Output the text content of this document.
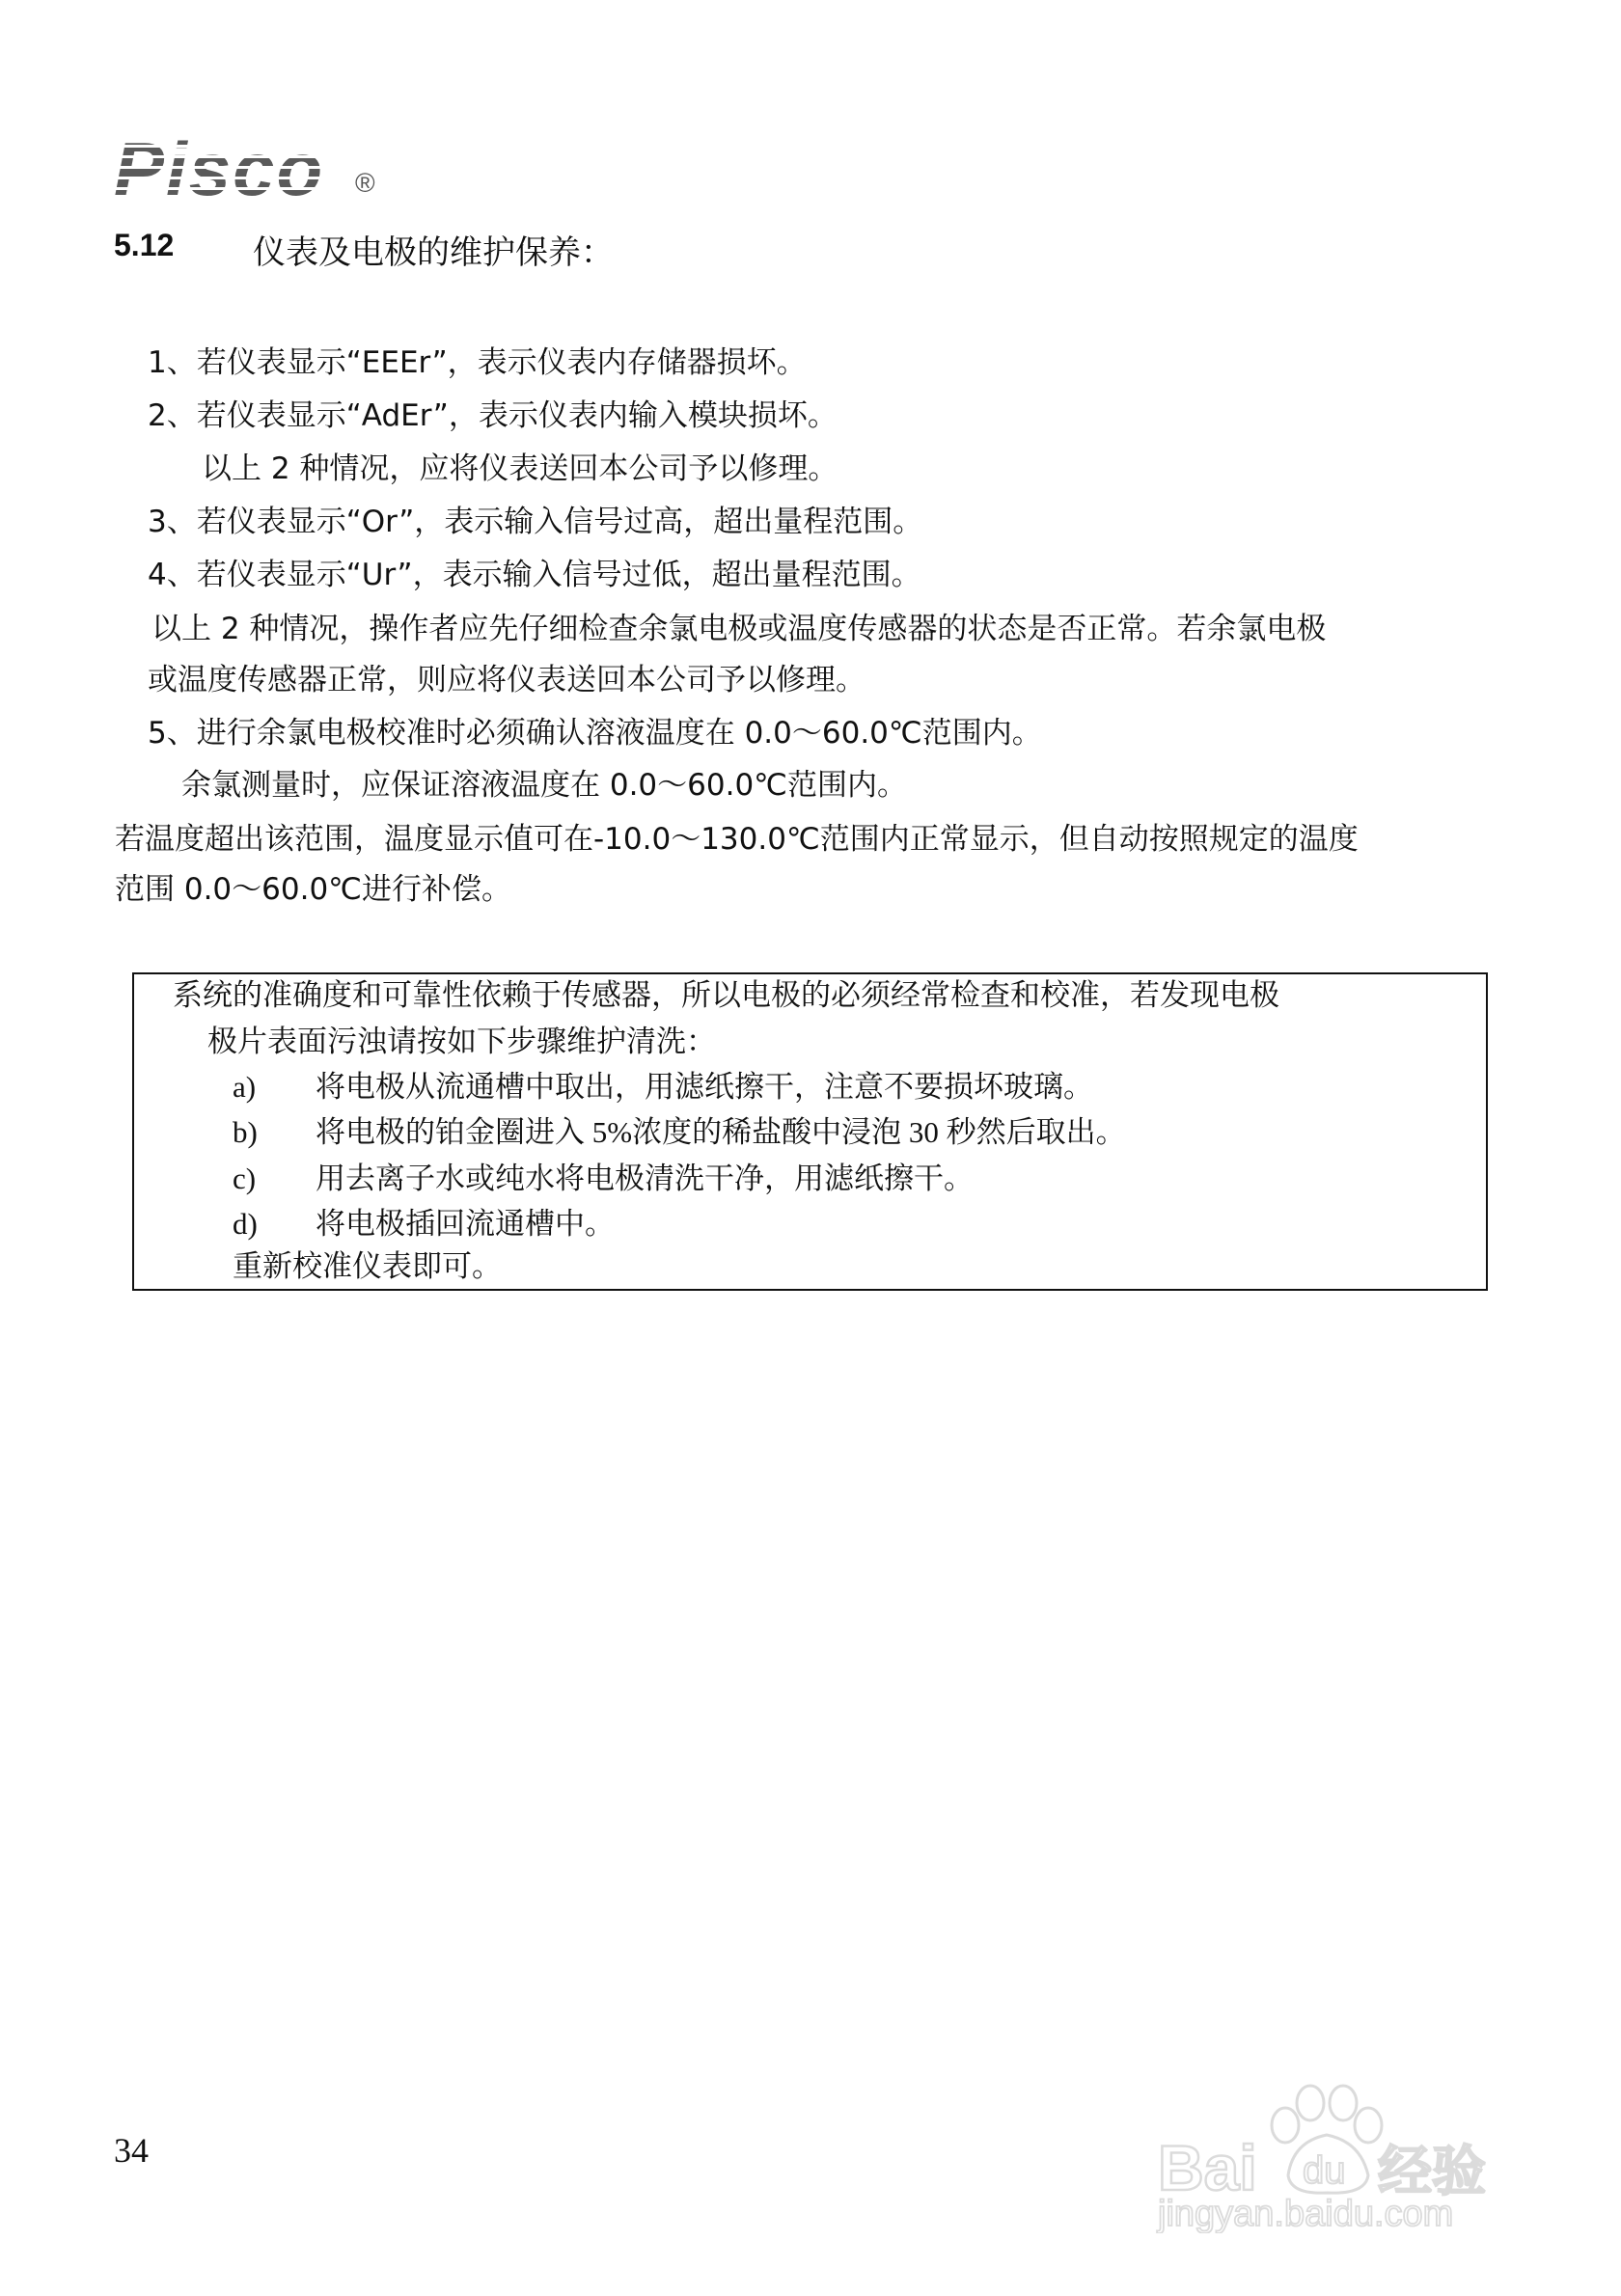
Pisco ®
5.12 仪表及电极的维护保养：
1、若仪表显示“EEEr”，表示仪表内存储器损坏。
2、若仪表显示“AdEr”，表示仪表内输入模块损坏。
以上 2 种情况，应将仪表送回本公司予以修理。
3、若仪表显示“Or”，表示输入信号过高，超出量程范围。
4、若仪表显示“Ur”，表示输入信号过低，超出量程范围。
以上 2 种情况，操作者应先仔细检查余氯电极或温度传感器的状态是否正常。若余氯电极
或温度传感器正常，则应将仪表送回本公司予以修理。
5、进行余氯电极校准时必须确认溶液温度在 0.0～60.0℃范围内。
余氯测量时，应保证溶液温度在 0.0～60.0℃范围内。
若温度超出该范围，温度显示值可在-10.0～130.0℃范围内正常显示，但自动按照规定的温度
范围 0.0～60.0℃进行补偿。
系统的准确度和可靠性依赖于传感器，所以电极的必须经常检查和校准，若发现电极
极片表面污浊请按如下步骤维护清洗：
a) 将电极从流通槽中取出，用滤纸擦干，注意不要损坏玻璃。
b) 将电极的铂金圈进入 5%浓度的稀盐酸中浸泡 30 秒然后取出。
c) 用去离子水或纯水将电极清洗干净，用滤纸擦干。
d) 将电极插回流通槽中。
重新校准仪表即可。
34	Bai du 经验
jingyan.baidu.com
